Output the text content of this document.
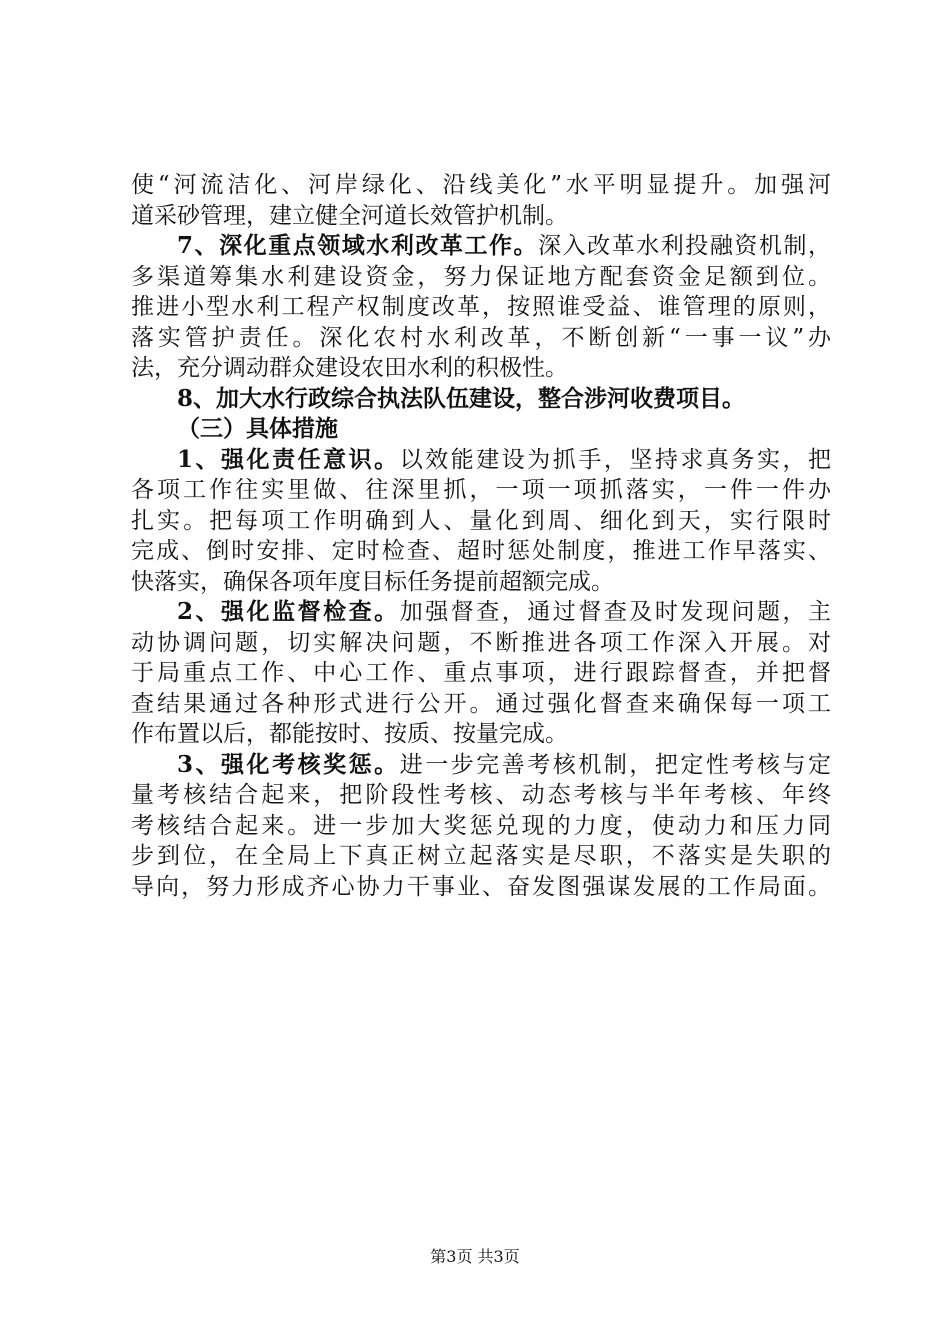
使“河流洁化、河岸绿化、沿线美化”水平明显提升。加强河
道采砂管理，建立健全河道长效管护机制。
7、深化重点领域水利改革工作。深入改革水利投融资机制，
多渠道筹集水利建设资金，努力保证地方配套资金足额到位。
推进小型水利工程产权制度改革，按照谁受益、谁管理的原则，
落实管护责任。深化农村水利改革，不断创新“一事一议”办
法，充分调动群众建设农田水利的积极性。
8、加大水行政综合执法队伍建设，整合涉河收费项目。
（三）具体措施
1、强化责任意识。以效能建设为抓手，坚持求真务实，把
各项工作往实里做、往深里抓，一项一项抓落实，一件一件办
扎实。把每项工作明确到人、量化到周、细化到天，实行限时
完成、倒时安排、定时检查、超时惩处制度，推进工作早落实、
快落实，确保各项年度目标任务提前超额完成。
2、强化监督检查。加强督查，通过督查及时发现问题，主
动协调问题，切实解决问题，不断推进各项工作深入开展。对
于局重点工作、中心工作、重点事项，进行跟踪督查，并把督
查结果通过各种形式进行公开。通过强化督查来确保每一项工
作布置以后，都能按时、按质、按量完成。
3、强化考核奖惩。进一步完善考核机制，把定性考核与定
量考核结合起来，把阶段性考核、动态考核与半年考核、年终
考核结合起来。进一步加大奖惩兑现的力度，使动力和压力同
步到位，在全局上下真正树立起落实是尽职，不落实是失职的
导向，努力形成齐心协力干事业、奋发图强谋发展的工作局面。
第3页 共3页
